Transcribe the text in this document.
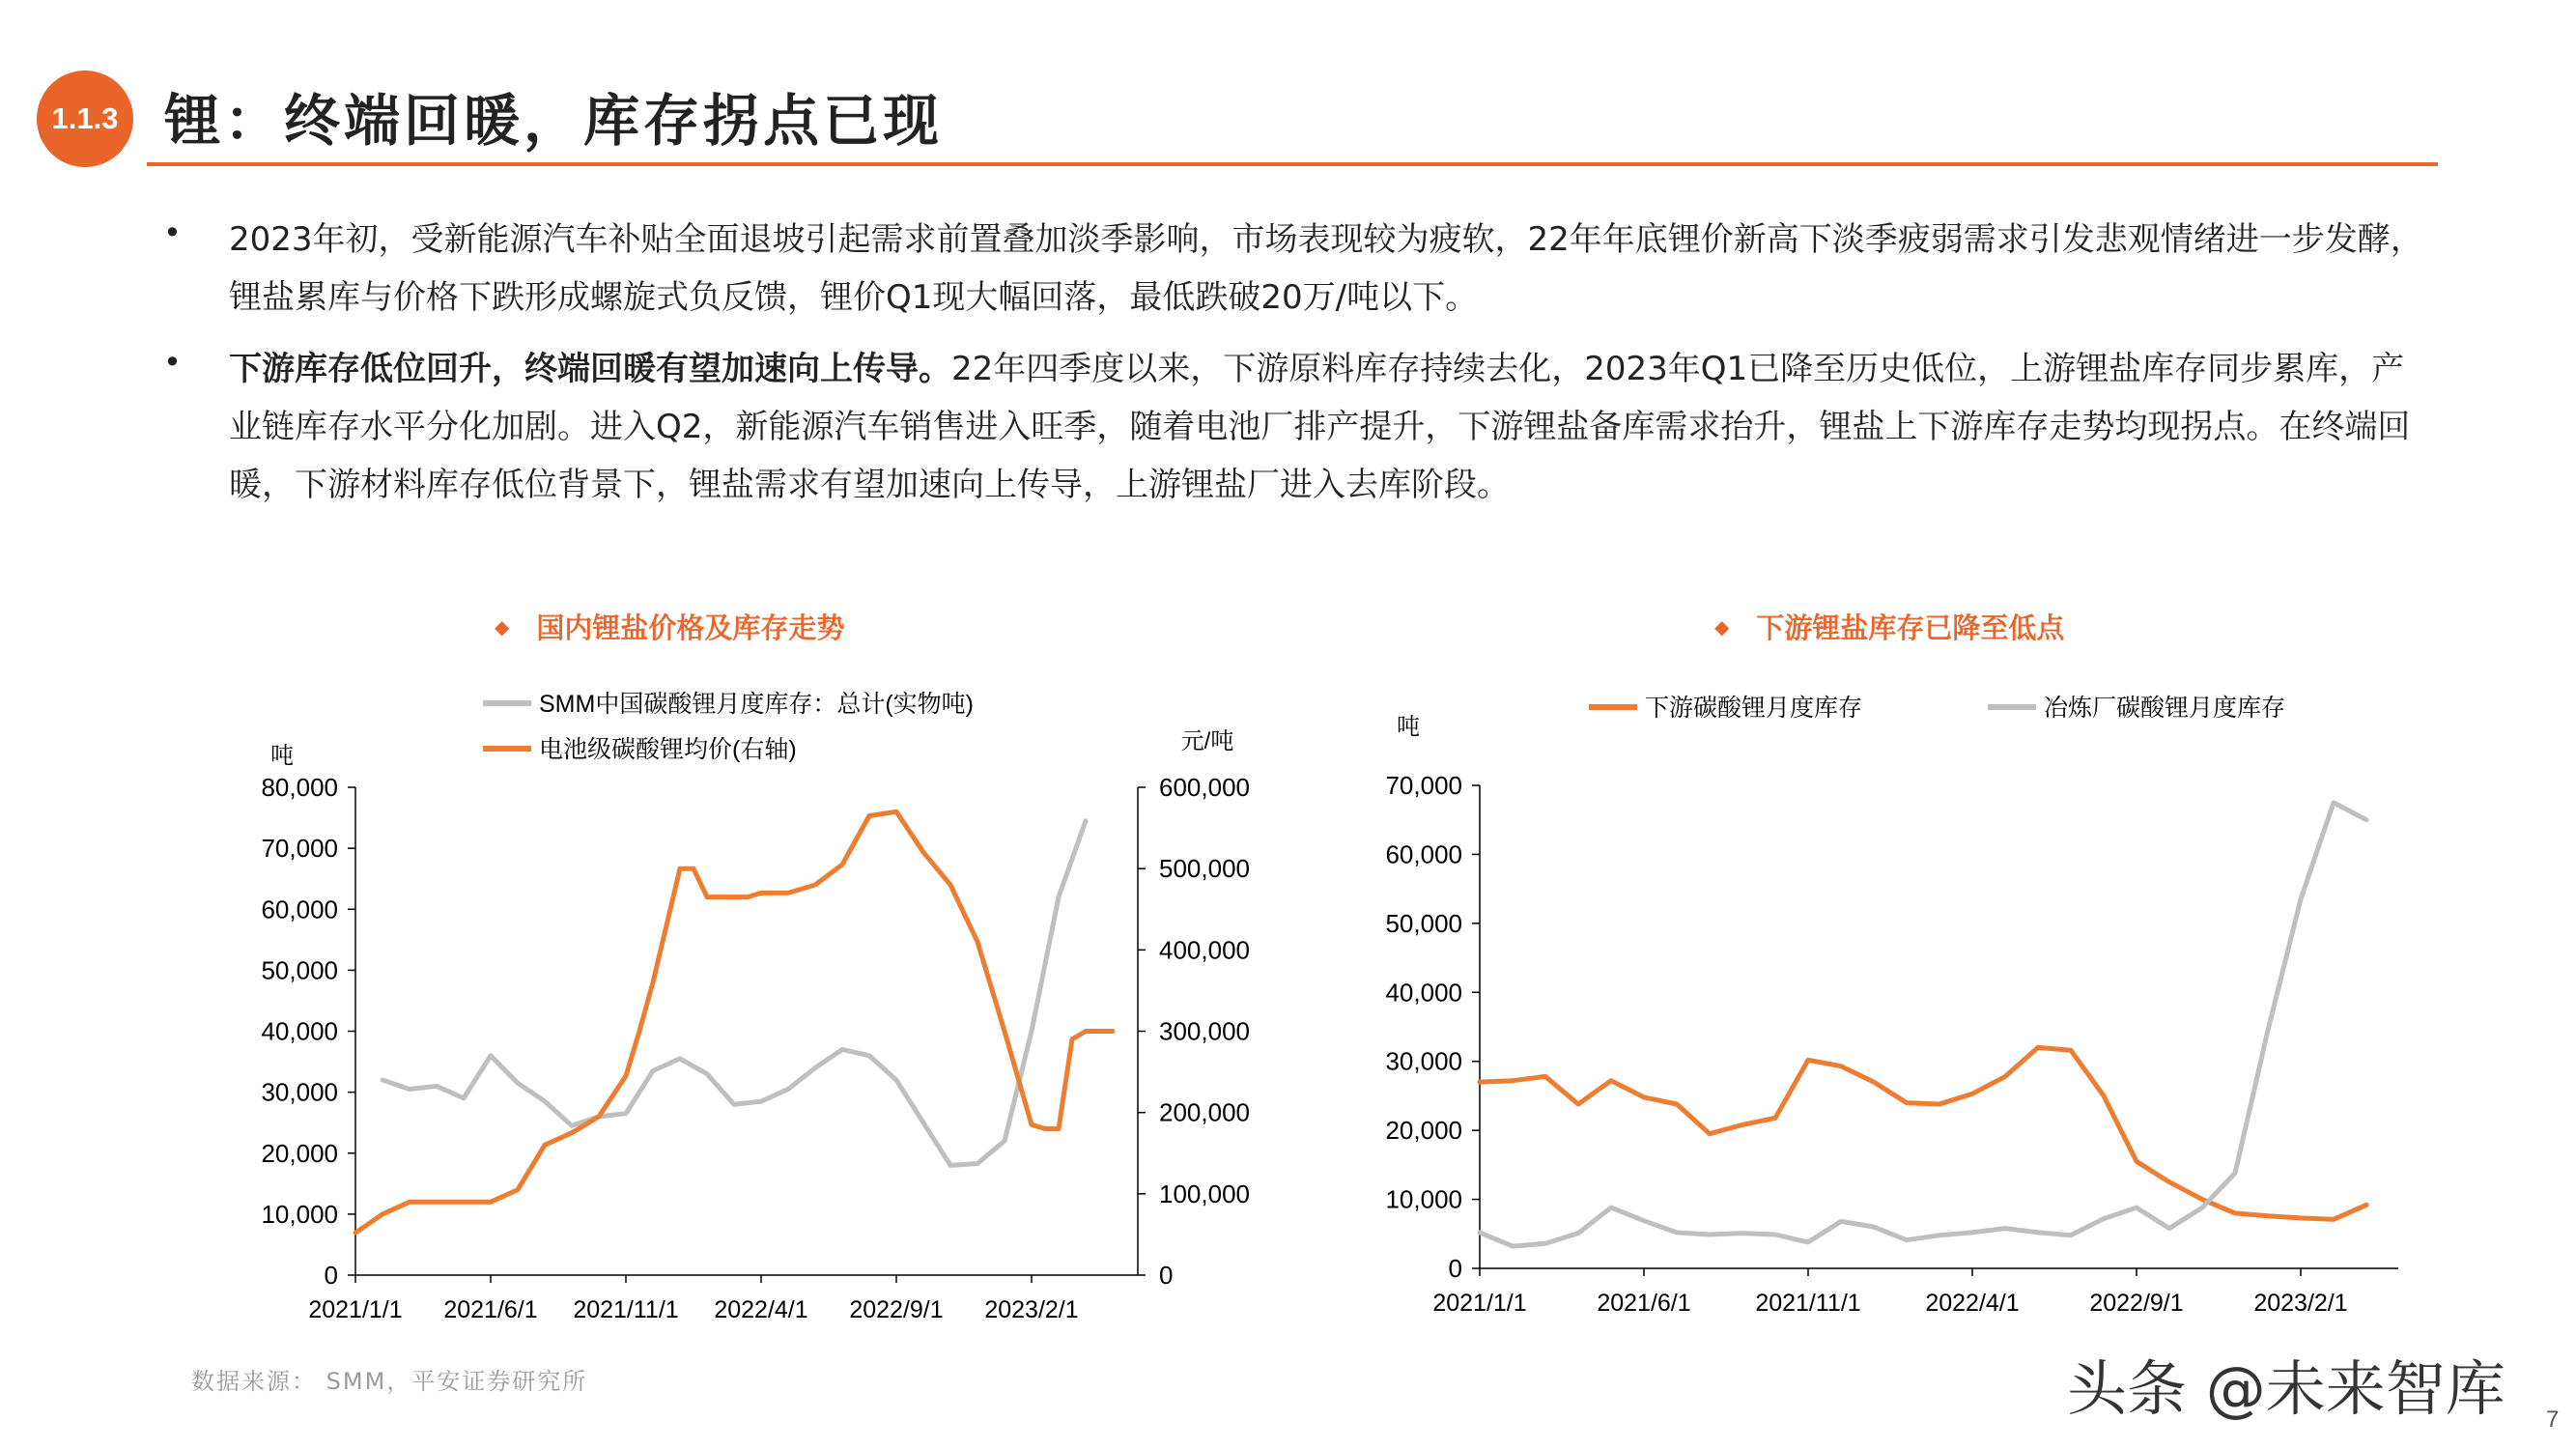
1.1.3 锂：终端回暖，库存拐点已现
• 2023年初，受新能源汽车补贴全面退坡引起需求前置叠加淡季影响，市场表现较为疲软，22年年底锂价新高下淡季疲弱需求引发悲观情绪进一步发酵，锂盐累库与价格下跌形成螺旋式负反馈，锂价Q1现大幅回落，最低跌破20万/吨以下。

• 下游库存低位回升，终端回暖有望加速向上传导。22年四季度以来，下游原料库存持续去化，2023年Q1已降至历史低位，上游锂盐库存同步累库，产业链库存水平分化加剧。进入Q2，新能源汽车销售进入旺季，随着电池厂排产提升，下游锂盐备库需求抬升，锂盐上下游库存走势均现拐点。在终端回暖，下游材料库存低位背景下，锂盐需求有望加速向上传导，上游锂盐厂进入去库阶段。

◆ 国内锂盐价格及库存走势	◆ 下游锂盐库存已降至低点
0
10,000
20,000
30,000
40,000
50,000
60,000
70,000
80,000
0
100,000
200,000
300,000
400,000
500,000
600,000
2021/1/1 2021/6/1 2021/11/1 2022/4/1 2022/9/1 2023/2/1
吨
元/吨
SMM中国碳酸锂月度库存：总计(实物吨)
电池级碳酸锂均价(右轴)
0
10,000
20,000
30,000
40,000
50,000
60,000
70,000
2021/1/1	2021/6/1	2021/11/1	2022/4/1	2022/9/1	2023/2/1
吨
下游碳酸锂月度库存	冶炼厂碳酸锂月度库存
数据来源： SMM，平安证券研究所	头条 @未来智库 7
